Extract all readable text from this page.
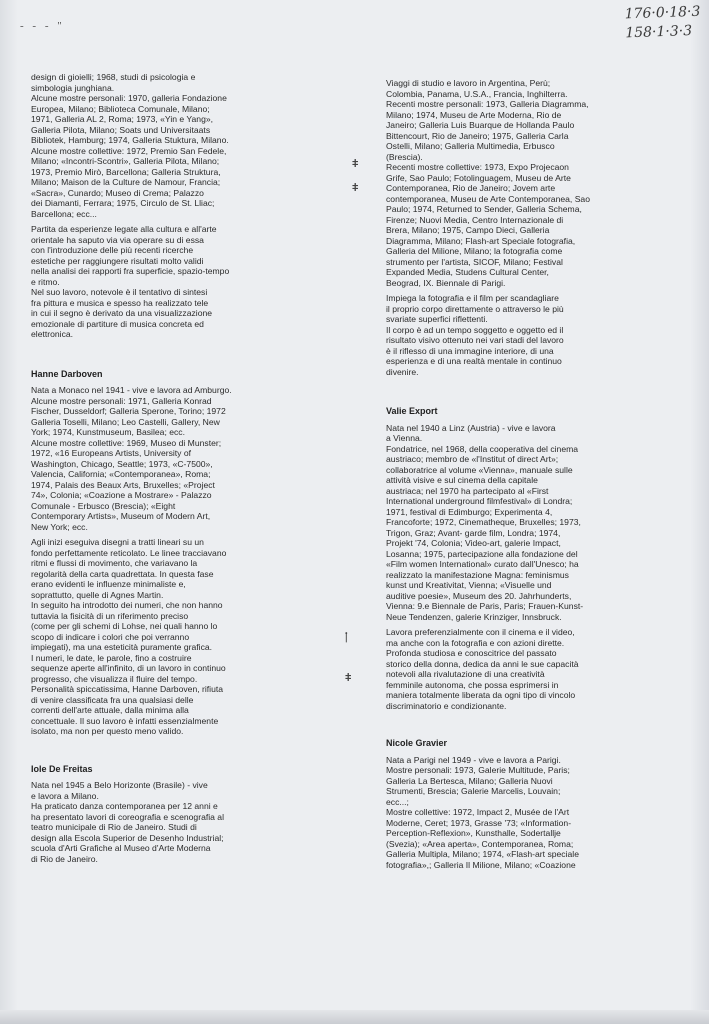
- - - "
176·0·18·3
158·1·3·3

design di gioielli; 1968, studi di psicologia e
simbologia junghiana.
Alcune mostre personali: 1970, galleria Fondazione
Europea, Milano; Biblioteca Comunale, Milano;
1971, Galleria AL 2, Roma; 1973, «Yin e Yang»,
Galleria Pilota, Milano; Soats und Universitaats
Bibliotek, Hamburg; 1974, Galleria Stuktura, Milano.
Alcune mostre collettive: 1972, Premio San Fedele,
Milano; «Incontri-Scontri», Galleria Pilota, Milano;
1973, Premio Mirò, Barcellona; Galleria Struktura,
Milano; Maison de la Culture de Namour, Francia;
«Sacra», Cunardo; Museo di Crema; Palazzo
dei Diamanti, Ferrara; 1975, Circulo de St. Lliac;
Barcellona; ecc...

Partita da esperienze legate alla cultura e all'arte
orientale ha saputo via via operare su di essa
con l'introduzione delle più recenti ricerche
estetiche per raggiungere risultati molto validi
nella analisi dei rapporti fra superficie, spazio-tempo
e ritmo.
Nel suo lavoro, notevole è il tentativo di sintesi
fra pittura e musica e spesso ha realizzato tele
in cui il segno è derivato da una visualizzazione
emozionale di partiture di musica concreta ed
elettronica.

Hanne Darboven

Nata a Monaco nel 1941 - vive e lavora ad Amburgo.
Alcune mostre personali: 1971, Galleria Konrad
Fischer, Dusseldorf; Galleria Sperone, Torino; 1972
Galleria Toselli, Milano; Leo Castelli, Gallery, New
York; 1974, Kunstmuseum, Basilea; ecc.
Alcune mostre collettive: 1969, Museo di Munster;
1972, «16 Europeans Artists, University of
Washington, Chicago, Seattle; 1973, «C-7500»,
Valencia, California; «Contemporanea», Roma;
1974, Palais des Beaux Arts, Bruxelles; «Project
74», Colonia; «Coazione a Mostrare» - Palazzo
Comunale - Erbusco (Brescia); «Eight
Contemporary Artists», Museum of Modern Art,
New York; ecc.

Agli inizi eseguiva disegni a tratti lineari su un
fondo perfettamente reticolato. Le linee tracciavano
ritmi e flussi di movimento, che variavano la
regolarità della carta quadrettata. In questa fase
erano evidenti le influenze minimaliste e,
soprattutto, quelle di Agnes Martin.
In seguito ha introdotto dei numeri, che non hanno
tuttavia la fisicità di un riferimento preciso
(come per gli schemi di Lohse, nei quali hanno lo
scopo di indicare i colori che poi verranno
impiegati), ma una esteticità puramente grafica.
I numeri, le date, le parole, fino a costruire
sequenze aperte all'infinito, di un lavoro in continuo
progresso, che visualizza il fluire del tempo.
Personalità spiccatissima, Hanne Darboven, rifiuta
di venire classificata fra una qualsiasi delle
correnti dell'arte attuale, dalla minima alla
concettuale. Il suo lavoro è infatti essenzialmente
isolato, ma non per questo meno valido.

Iole De Freitas

Nata nel 1945 a Belo Horizonte (Brasile) - vive
e lavora a Milano.
Ha praticato danza contemporanea per 12 anni e
ha presentato lavori di coreografia e scenografia al
teatro municipale di Rio de Janeiro. Studi di
design alla Escola Superior de Desenho Industrial;
scuola d'Arti Grafiche al Museo d'Arte Moderna
di Rio de Janeiro.

Viaggi di studio e lavoro in Argentina, Perù;
Colombia, Panama, U.S.A., Francia, Inghilterra.
Recenti mostre personali: 1973, Galleria Diagramma,
Milano; 1974, Museu de Arte Moderna, Rio de
Janeiro; Galleria Luis Buarque de Hollanda Paulo
Bittencourt, Rio de Janeiro; 1975, Galleria Carla
Ostelli, Milano; Galleria Multimedia, Erbusco
(Brescia).
Recenti mostre collettive: 1973, Expo Projecaon
Grife, Sao Paulo; Fotolinguagem, Museu de Arte
Contemporanea, Rio de Janeiro; Jovem arte
contemporanea, Museu de Arte Contemporanea, Sao
Paulo; 1974, Returned to Sender, Galleria Schema,
Firenze; Nuovi Media, Centro Internazionale di
Brera, Milano; 1975, Campo Dieci, Galleria
Diagramma, Milano; Flash-art Speciale fotografia,
Galleria del Milione, Milano; la fotografia come
strumento per l'artista, SICOF, Milano; Festival
Expanded Media, Studens Cultural Center,
Beograd, IX. Biennale di Parigi.

Impiega la fotografia e il film per scandagliare
il proprio corpo direttamente o attraverso le più
svariate superfici riflettenti.
Il corpo è ad un tempo soggetto e oggetto ed il
risultato visivo ottenuto nei vari stadi del lavoro
è il riflesso di una immagine interiore, di una
esperienza e di una realtà mentale in continuo
divenire.

Valie Export

Nata nel 1940 a Linz (Austria) - vive e lavora
a Vienna.
Fondatrice, nel 1968, della cooperativa del cinema
austriaco; membro de «l'Institut of direct Art»;
collaboratrice al volume «Vienna», manuale sulle
attività visive e sul cinema della capitale
austriaca; nel 1970 ha partecipato al «First
International underground filmfestival» di Londra;
1971, festival di Edimburgo; Experimenta 4,
Francoforte; 1972, Cinematheque, Bruxelles; 1973,
Trigon, Graz; Avant- garde film, Londra; 1974,
Projekt '74, Colonia; Video-art, galerie Impact,
Losanna; 1975, partecipazione alla fondazione del
«Film women International» curato dall'Unesco; ha
realizzato la manifestazione Magna: feminismus
kunst und Kreativitat, Vienna; «Visuelle und
auditive poesie», Museum des 20. Jahrhunderts,
Vienna: 9.e Biennale de Paris, Paris; Frauen-Kunst-
Neue Tendenzen, galerie Krinziger, Innsbruck.

Lavora preferenzialmente con il cinema e il video,
ma anche con la fotografia e con azioni dirette.
Profonda studiosa e conoscitrice del passato
storico della donna, dedica da anni le sue capacità
notevoli alla rivalutazione di una creatività
femminile autonoma, che possa esprimersi in
maniera totalmente liberata da ogni tipo di vincolo
discriminatorio e condizionante.

Nicole Gravier

Nata a Parigi nel 1949 - vive e lavora a Parigi.
Mostre personali: 1973, Galerie Multitude, Paris;
Galleria La Bertesca, Milano; Galleria Nuovi
Strumenti, Brescia; Galerie Marcelis, Louvain;
ecc...;
Mostre collettive: 1972, Impact 2, Musée de l'Art
Moderne, Ceret; 1973, Grasse '73; «Information-
Perception-Reflexion», Kunsthalle, Sodertallje
(Svezia); «Area aperta», Contemporanea, Roma;
Galleria Multipla, Milano; 1974, «Flash-art speciale
fotografia»,; Galleria Il Milione, Milano; «Coazione

ǂ
ǂ
ᛙ
ǂ
